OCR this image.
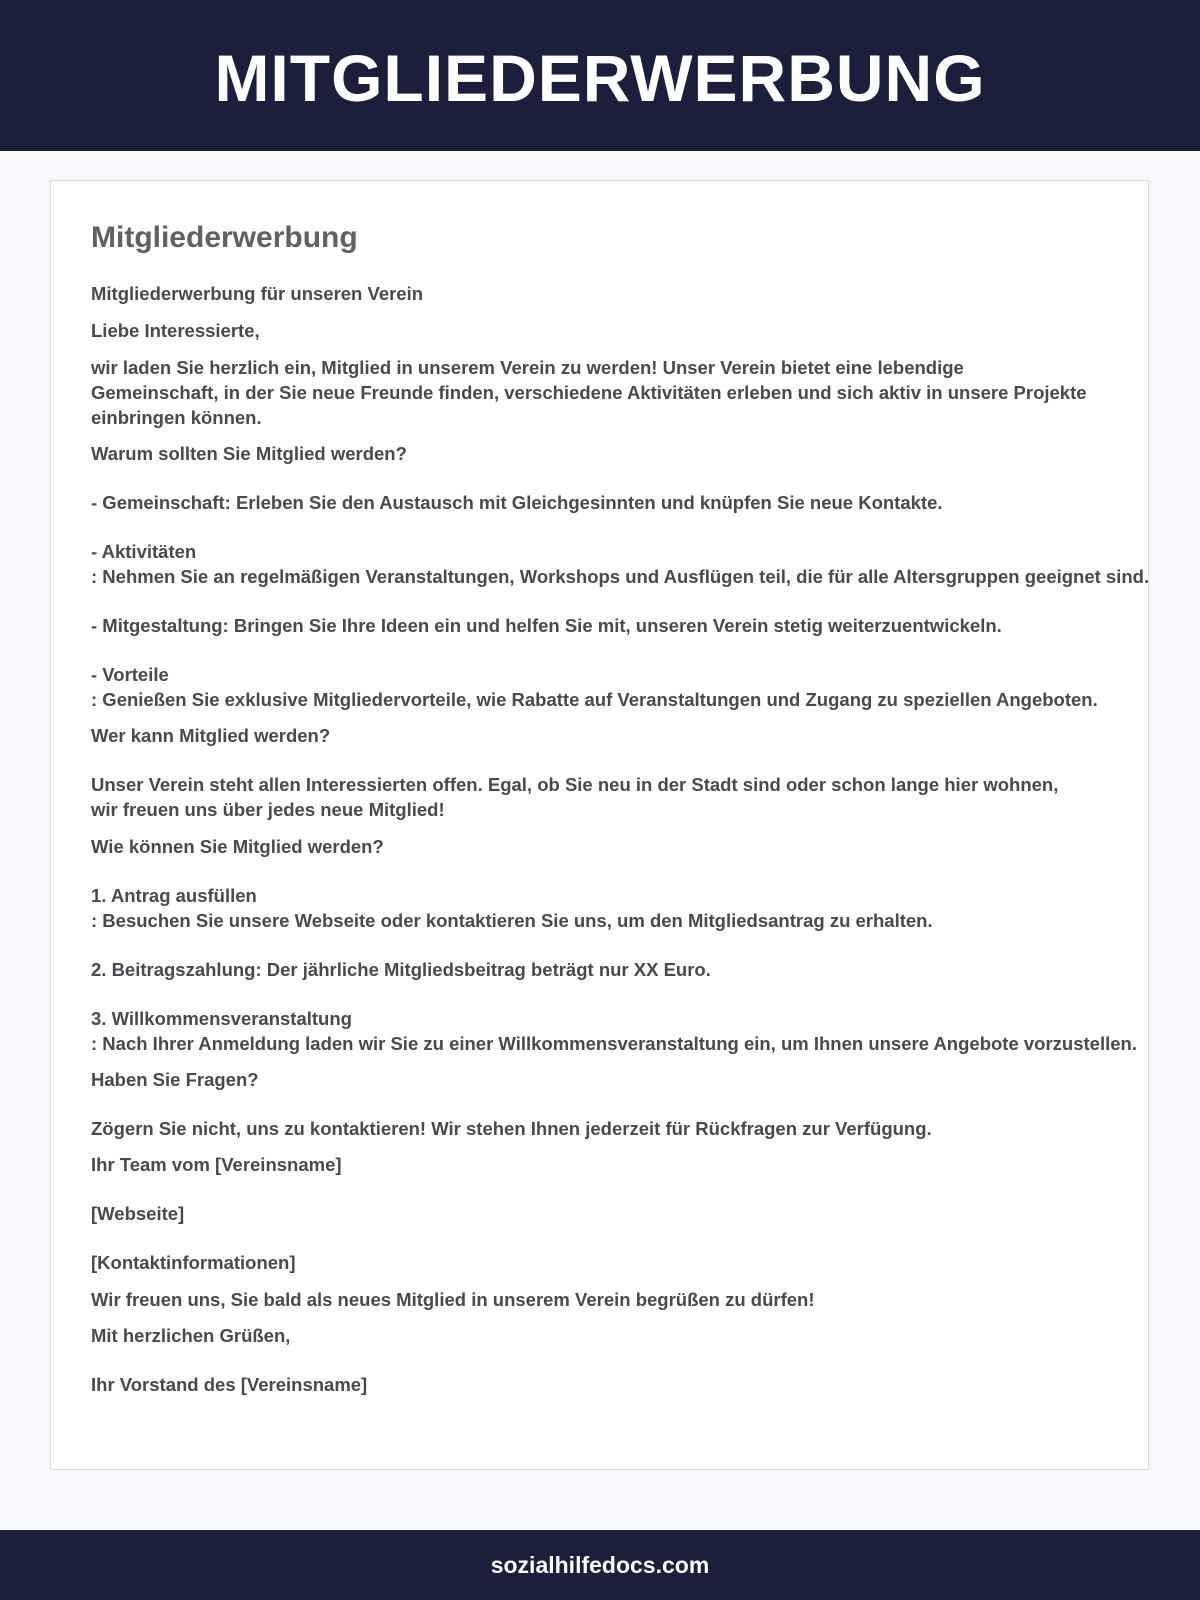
MITGLIEDERWERBUNG
Mitgliederwerbung

Mitgliederwerbung für unseren Verein

Liebe Interessierte,

wir laden Sie herzlich ein, Mitglied in unserem Verein zu werden! Unser Verein bietet eine lebendige Gemeinschaft, in der Sie neue Freunde finden, verschiedene Aktivitäten erleben und sich aktiv in unsere Projekte einbringen können.

Warum sollten Sie Mitglied werden?

- Gemeinschaft: Erleben Sie den Austausch mit Gleichgesinnten und knüpfen Sie neue Kontakte.

- Aktivitäten

: Nehmen Sie an regelmäßigen Veranstaltungen, Workshops und Ausflügen teil, die für alle Altersgruppen geeignet sind.

- Mitgestaltung: Bringen Sie Ihre Ideen ein und helfen Sie mit, unseren Verein stetig weiterzuentwickeln.

- Vorteile

: Genießen Sie exklusive Mitgliedervorteile, wie Rabatte auf Veranstaltungen und Zugang zu speziellen Angeboten.

Wer kann Mitglied werden?

Unser Verein steht allen Interessierten offen. Egal, ob Sie neu in der Stadt sind oder schon lange hier wohnen, wir freuen uns über jedes neue Mitglied!

Wie können Sie Mitglied werden?

1. Antrag ausfüllen

: Besuchen Sie unsere Webseite oder kontaktieren Sie uns, um den Mitgliedsantrag zu erhalten.

2. Beitragszahlung: Der jährliche Mitgliedsbeitrag beträgt nur XX Euro.

3. Willkommensveranstaltung

: Nach Ihrer Anmeldung laden wir Sie zu einer Willkommensveranstaltung ein, um Ihnen unsere Angebote vorzustellen.

Haben Sie Fragen?

Zögern Sie nicht, uns zu kontaktieren! Wir stehen Ihnen jederzeit für Rückfragen zur Verfügung.

Ihr Team vom [Vereinsname]

[Webseite]

[Kontaktinformationen]

Wir freuen uns, Sie bald als neues Mitglied in unserem Verein begrüßen zu dürfen!

Mit herzlichen Grüßen,

Ihr Vorstand des [Vereinsname]

sozialhilfedocs.com
